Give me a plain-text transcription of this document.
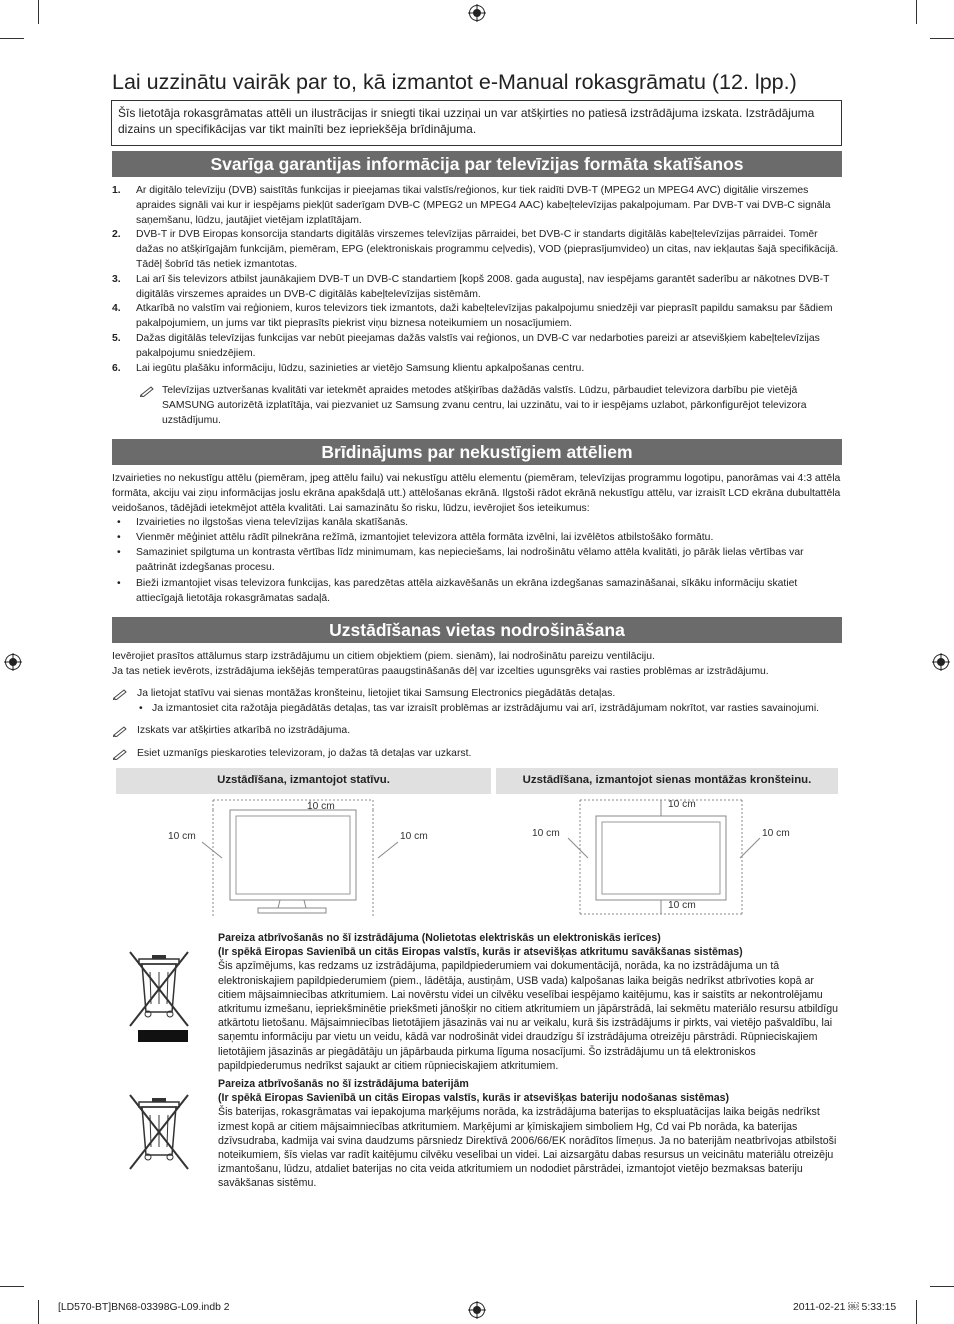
Lai uzzinātu vairāk par to, kā izmantot e-Manual rokasgrāmatu (12. lpp.)
Šīs lietotāja rokasgrāmatas attēli un ilustrācijas ir sniegti tikai uzziņai un var atšķirties no patiesā izstrādājuma izskata. Izstrādājuma dizains un specifikācijas var tikt mainīti bez iepriekšēja brīdinājuma.
Svarīga garantijas informācija par televīzijas formāta skatīšanos
1. Ar digitālo televīziju (DVB) saistītās funkcijas ir pieejamas tikai valstīs/reģionos, kur tiek raidīti DVB-T (MPEG2 un MPEG4 AVC) digitālie virszemes apraides signāli vai kur ir iespējams piekļūt saderīgam DVB-C (MPEG2 un MPEG4 AAC) kabeļtelevīzijas pakalpojumam. Par DVB-T vai DVB-C signāla saņemšanu, lūdzu, jautājiet vietējam izplatītājam.
2. DVB-T ir DVB Eiropas konsorcija standarts digitālās virszemes televīzijas pārraidei, bet DVB-C ir standarts digitālās kabeļtelevīzijas pārraidei. Tomēr dažas no atšķirīgajām funkcijām, piemēram, EPG (elektroniskais programmu ceļvedis), VOD (pieprasījumvideo) un citas, nav iekļautas šajā specifikācijā. Tādēļ šobrīd tās netiek izmantotas.
3. Lai arī šis televizors atbilst jaunākajiem DVB-T un DVB-C standartiem [kopš 2008. gada augusta], nav iespējams garantēt saderību ar nākotnes DVB-T digitālās virszemes apraides un DVB-C digitālās kabeļtelevīzijas sistēmām.
4. Atkarībā no valstīm vai reģioniem, kuros televizors tiek izmantots, daži kabeļtelevīzijas pakalpojumu sniedzēji var pieprasīt papildu samaksu par šādiem pakalpojumiem, un jums var tikt pieprasīts piekrist viņu biznesa noteikumiem un nosacījumiem.
5. Dažas digitālās televīzijas funkcijas var nebūt pieejamas dažās valstīs vai reģionos, un DVB-C var nedarboties pareizi ar atsevišķiem kabeļtelevīzijas pakalpojumu sniedzējiem.
6. Lai iegūtu plašāku informāciju, lūdzu, sazinieties ar vietējo Samsung klientu apkalpošanas centru.
Televīzijas uztveršanas kvalitāti var ietekmēt apraides metodes atšķirības dažādās valstīs. Lūdzu, pārbaudiet televizora darbību pie vietējā SAMSUNG autorizētā izplatītāja, vai piezvaniet uz Samsung zvanu centru, lai uzzinātu, vai to ir iespējams uzlabot, pārkonfigurējot televizora uzstādījumu.
Brīdinājums par nekustīgiem attēliem
Izvairieties no nekustīgu attēlu (piemēram, jpeg attēlu failu) vai nekustīgu attēlu elementu (piemēram, televīzijas programmu logotipu, panorāmas vai 4:3 attēla formāta, akciju vai ziņu informācijas joslu ekrāna apakšdaļā utt.) attēlošanas ekrānā. Ilgstoši rādot ekrānā nekustīgu attēlu, var izraisīt LCD ekrāna dubultattēla veidošanos, tādējādi ietekmējot attēla kvalitāti. Lai samazinātu šo risku, lūdzu, ievērojiet šos ieteikumus:
• Izvairieties no ilgstošas viena televīzijas kanāla skatīšanās.
• Vienmēr mēģiniet attēlu rādīt pilnekrāna režīmā, izmantojiet televizora attēla formāta izvēlni, lai izvēlētos atbilstošāko formātu.
• Samaziniet spilgtuma un kontrasta vērtības līdz minimumam, kas nepieciešams, lai nodrošinātu vēlamo attēla kvalitāti, jo pārāk lielas vērtības var paātrināt izdegšanas procesu.
• Bieži izmantojiet visas televizora funkcijas, kas paredzētas attēla aizkavēšanās un ekrāna izdegšanas samazināšanai, sīkāku informāciju skatiet attiecīgajā lietotāja rokasgrāmatas sadaļā.
Uzstādīšanas vietas nodrošināšana
Ievērojiet prasītos attālumus starp izstrādājumu un citiem objektiem (piem. sienām), lai nodrošinātu pareizu ventilāciju.
Ja tas netiek ievērots, izstrādājuma iekšējās temperatūras paaugstināšanās dēļ var izcelties ugunsgrēks vai rasties problēmas ar izstrādājumu.
Ja lietojat statīvu vai sienas montāžas kronšteinu, lietojiet tikai Samsung Electronics piegādātās detaļas.
• Ja izmantosiet cita ražotāja piegādātās detaļas, tas var izraisīt problēmas ar izstrādājumu vai arī, izstrādājumam nokrītot, var rasties savainojumi.
Izskats var atšķirties atkarībā no izstrādājuma.
Esiet uzmanīgs pieskaroties televizoram, jo dažas tā detaļas var uzkarst.
Uzstādīšana, izmantojot statīvu.	Uzstādīšana, izmantojot sienas montāžas kronšteinu.
10 cm
10 cm	10 cm
10 cm
10 cm	10 cm
10 cm
Pareiza atbrīvošanās no šī izstrādājuma (Nolietotas elektriskās un elektroniskās ierīces)
(Ir spēkā Eiropas Savienībā un citās Eiropas valstīs, kurās ir atsevišķas atkritumu savākšanas sistēmas)
Šis apzīmējums, kas redzams uz izstrādājuma, papildpiederumiem vai dokumentācijā, norāda, ka no izstrādājuma un tā elektroniskajiem papildpiederumiem (piem., lādētāja, austiņām, USB vada) kalpošanas laika beigās nedrīkst atbrīvoties kopā ar citiem mājsaimniecības atkritumiem. Lai novērstu videi un cilvēku veselībai iespējamo kaitējumu, kas ir saistīts ar nekontrolējamu atkritumu izmešanu, iepriekšminētie priekšmeti jānošķir no citiem atkritumiem un jāpārstrādā, lai sekmētu materiālo resursu atbildīgu atkārtotu lietošanu. Mājsaimniecības lietotājiem jāsazinās vai nu ar veikalu, kurā šis izstrādājums ir pirkts, vai vietējo pašvaldību, lai saņemtu informāciju par vietu un veidu, kādā var nodrošināt videi draudzīgu šī izstrādājuma otreizēju pārstrādi. Rūpnieciskajiem lietotājiem jāsazinās ar piegādātāju un jāpārbauda pirkuma līguma nosacījumi. Šo izstrādājumu un tā elektroniskos papildpiederumus nedrīkst sajaukt ar citiem rūpnieciskajiem atkritumiem.
Pareiza atbrīvošanās no šī izstrādājuma baterijām
(Ir spēkā Eiropas Savienībā un citās Eiropas valstīs, kurās ir atsevišķas bateriju nodošanas sistēmas)
Šis baterijas, rokasgrāmatas vai iepakojuma marķējums norāda, ka izstrādājuma baterijas to ekspluatācijas laika beigās nedrīkst izmest kopā ar citiem mājsaimniecības atkritumiem. Marķējumi ar ķīmiskajiem simboliem Hg, Cd vai Pb norāda, ka baterijas dzīvsudraba, kadmija vai svina daudzums pārsniedz Direktīvā 2006/66/EK norādītos līmeņus. Ja no baterijām neatbrīvojas atbilstoši noteikumiem, šīs vielas var radīt kaitējumu cilvēku veselībai un videi. Lai aizsargātu dabas resursus un veicinātu materiālu otreizēju izmantošanu, lūdzu, atdaliet baterijas no cita veida atkritumiem un nododiet pārstrādei, izmantojot vietējo bezmaksas bateriju savākšanas sistēmu.
[LD570-BT]BN68-03398G-L09.indb 2	2011-02-21 ￼ 5:33:15
